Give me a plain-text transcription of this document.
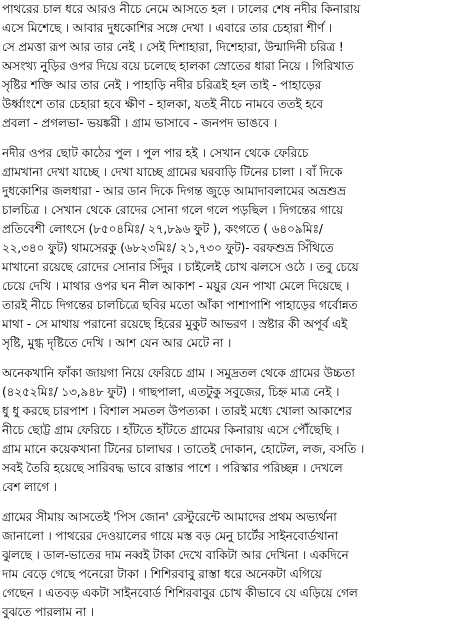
পাথরের চাল ধরে আরও নীচে নেমে আসতে হল । ঢালের শেষ নদীর কিনারায়
এসে মিশেছে । আবার দুধকোশির সঙ্গে দেখা । এবারে তার চেহারা শীর্ণ ।
সে প্রমত্তা রূপ আর তার নেই । সেই দিশাহারা, দিশেহারা, উন্মাদিনী চরিত্র !
অসংখ্য নুড়ির ওপর দিয়ে বয়ে চলেছে হালকা স্রোতের ধারা নিয়ে । গিরিখাত
সৃষ্টির শক্তি আর তার নেই । পাহাড়ি নদীর চরিত্রই হল তাই - পাহাড়ের
উর্ধ্বাংশে তার চেহারা হবে ক্ষীণ - হালকা, যতই নীচে নামবে ততই হবে
প্রবলা - প্রগলভা- ভয়ঙ্করী । গ্রাম ভাসাবে - জনপদ ভাঙবে ।
নদীর ওপর ছোট কাঠের পুল । পুল পার হই । সেখান থেকে ফেরিচে
গ্রামখানা দেখা যাচ্ছে । দেখা যাচ্ছে গ্রামের ঘরবাড়ি টিনের চালা । বাঁ দিকে
দুধকোশির জলধারা - আর ডান দিকে দিগন্ত জুড়ে আমাদাবলামের অভ্রশুভ্র
চালচিত্র । সেখান থেকে রোদের সোনা গলে গলে পড়ছিল । দিগন্তের গায়ে
প্রতিবেশী লোৎসে (৮৫০৪মিঃ/ ২৭,৮৯৬ ফুট ), কংগতে ( ৬৪০৯মিঃ/
২২,৩৪০ ফুট) থামসেরকু (৬৮২৩মিঃ/ ২১,৭৩০ ফুট)- বরফশুভ্র সিঁথিতে
মাখানো রয়েছে রোদের সোনার সিঁদুর । চাইলেই চোখ ঝলসে ওঠে । তবু চেয়ে
চেয়ে দেখি । মাথার ওপর ঘন নীল আকাশ - ময়ুর যেন পাখা মেলে দিয়েছে ।
তারই নীচে দিগন্তের চালচিত্রে ছবির মতো আঁকা পাশাপাশি পাহাড়ের গর্বোন্নত
মাথা - সে মাথায় পরানো রয়েছে হিরের মুকুট আভরণ । স্রষ্টার কী অপূর্ব এই
সৃষ্টি, মুগ্ধ দৃষ্টিতে দেখি । আশ যেন আর মেটে না ।
অনেকখানি ফাঁকা জায়গা নিয়ে ফেরিচে গ্রাম । সমুদ্রতল থেকে গ্রামের উচ্চতা
(৪২৫২মিঃ/ ১৩,৯৪৮ ফুট) । গাছপালা, এতটুকু সবুজের, চিহ্ন মাত্র নেই ।
ধু ধু করছে চারপাশ । বিশাল সমতল উপত্যকা । তারই মধ্যে খোলা আকাশের
নীচে ছোট্ট গ্রাম ফেরিচে । হাঁটতে হাঁটতে গ্রামের কিনারায় এসে পৌঁছেছি ।
গ্রাম মানে কয়েকখানা টিনের চালাঘর । তাতেই দোকান, হোটেল, লজ, বসতি ।
সবই তৈরি হয়েছে সারিবদ্ধ ভাবে রাস্তার পাশে । পরিস্কার পরিচ্ছন্ন । দেখলে
বেশ লাগে ।
গ্রামের সীমায় আসতেই 'পিস জোন' রেস্টুরেন্টে আমাদের প্রথম অভ্যর্থনা
জানালো । পাথরের দেওয়ালের গায়ে মস্ত বড় মেনু চার্টের সাইনবোর্ডখানা
ঝুলছে । ডাল-ভাতের দাম নব্বই টাকা দেখে বাকিটা আর দেখিনা । একদিনে
দাম বেড়ে গেছে পনেরো টাকা । শিশিরবাবু রাস্তা ধরে অনেকটা এগিয়ে
গেছেন । এতবড় একটা সাইনবোর্ড শিশিরবাবুর চোখ কীভাবে যে এড়িয়ে গেল
বুঝতে পারলাম না ।
